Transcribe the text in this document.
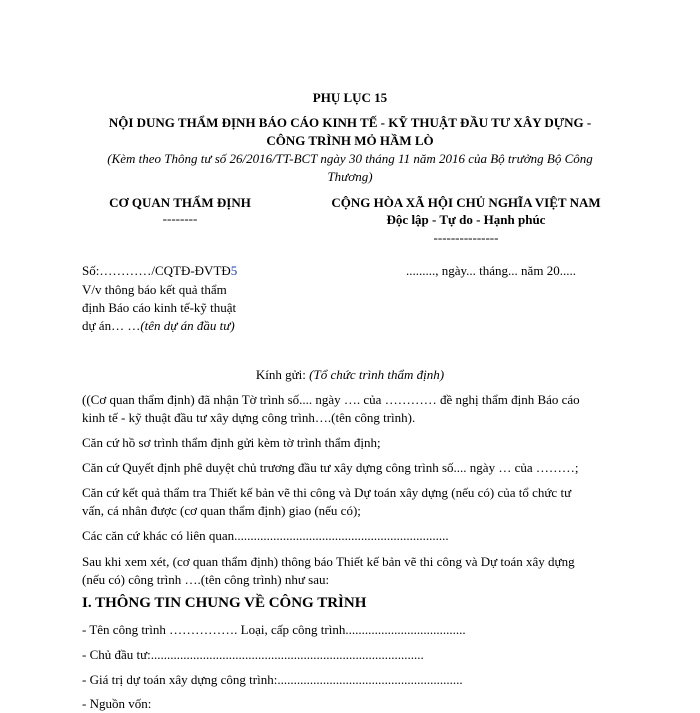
PHỤ LỤC 15
NỘI DUNG THẨM ĐỊNH BÁO CÁO KINH TẾ - KỸ THUẬT ĐẦU TƯ XÂY DỰNG -
CÔNG TRÌNH MỎ HẦM LÒ
(Kèm theo Thông tư số 26/2016/TT-BCT ngày 30 tháng 11 năm 2016 của Bộ trưởng Bộ Công
Thương)
CƠ QUAN THẨM ĐỊNH
--------
CỘNG HÒA XÃ HỘI CHỦ NGHĨA VIỆT NAM
Độc lập - Tự do - Hạnh phúc
---------------
Số:…………/CQTĐ-ĐVTĐ5	........., ngày... tháng... năm 20.....
V/v thông báo kết quả thẩm
định Báo cáo kinh tế-kỹ thuật
dự án… …(tên dự án đầu tư)
Kính gửi: (Tổ chức trình thẩm định)
((Cơ quan thẩm định) đã nhận Tờ trình số.... ngày …. của ………… đề nghị thẩm định Báo cáo
kinh tế - kỹ thuật đầu tư xây dựng công trình….(tên công trình).
Căn cứ hồ sơ trình thẩm định gửi kèm tờ trình thẩm định;
Căn cứ Quyết định phê duyệt chủ trương đầu tư xây dựng công trình số.... ngày … của ………;
Căn cứ kết quả thẩm tra Thiết kế bản vẽ thi công và Dự toán xây dựng (nếu có) của tổ chức tư
vấn, cá nhân được (cơ quan thẩm định) giao (nếu có);
Các căn cứ khác có liên quan..................................................................
Sau khi xem xét, (cơ quan thẩm định) thông báo Thiết kế bản vẽ thi công và Dự toán xây dựng
(nếu có) công trình ….(tên công trình) như sau:
I. THÔNG TIN CHUNG VỀ CÔNG TRÌNH
- Tên công trình ……………. Loại, cấp công trình.....................................
- Chủ đầu tư:....................................................................................
- Giá trị dự toán xây dựng công trình:.........................................................
- Nguồn vốn:
